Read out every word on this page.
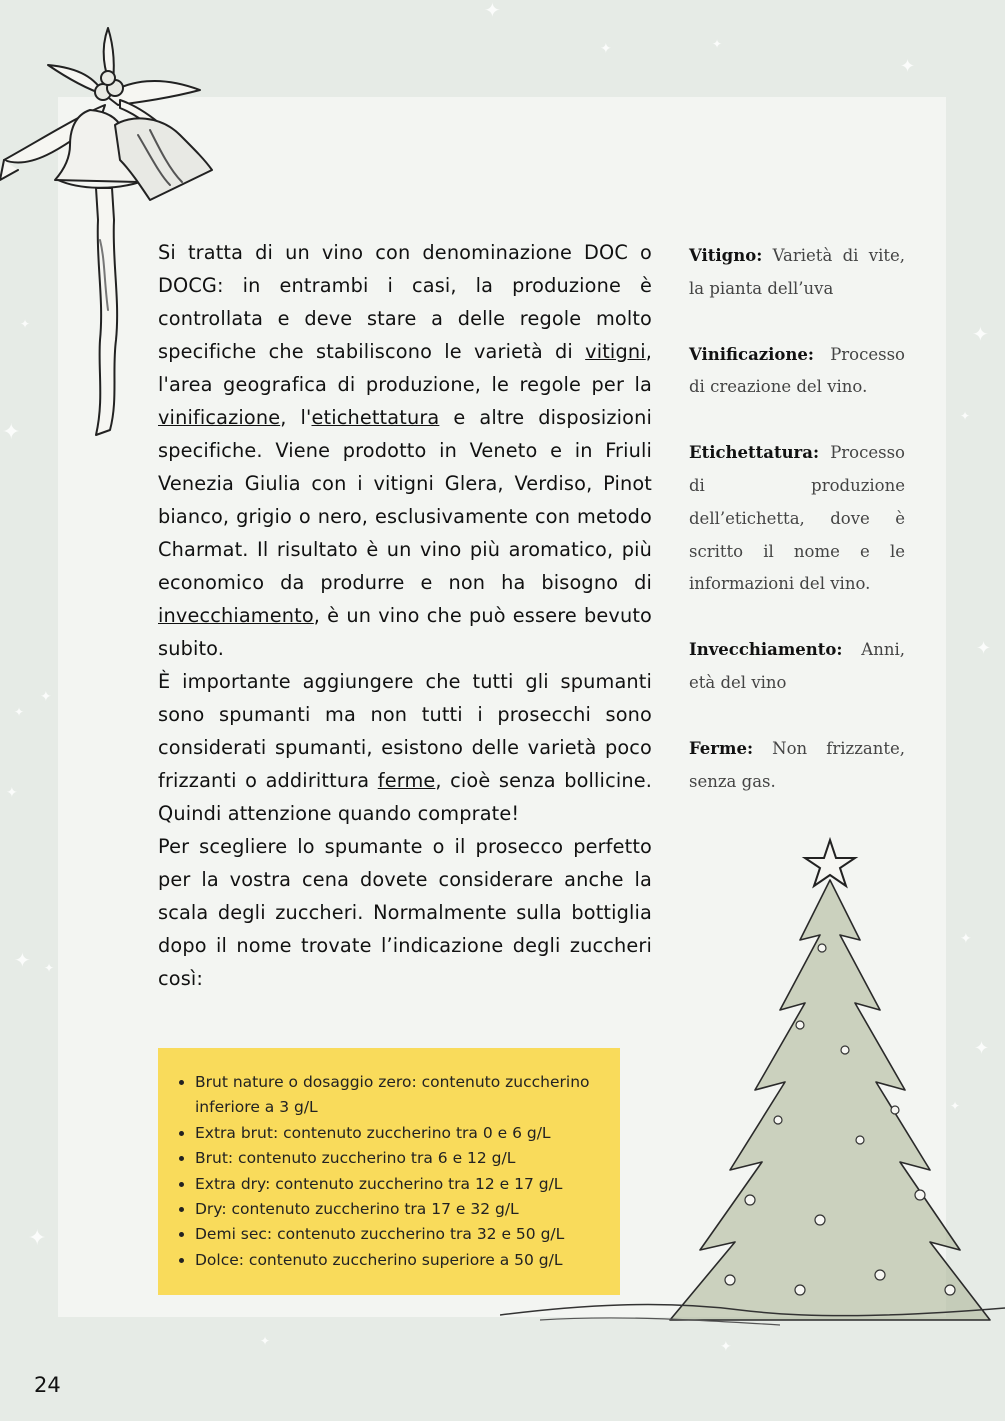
✦
✦	✦
✦
✦
✦
✦
✦
✦
✦ ✦
✦
✦
✦
✦
✦
✦
✦
✦
✦

Si tratta di un vino con denominazione DOC o DOCG: in entrambi i casi, la produzione è controllata e deve stare a delle regole molto specifiche che stabiliscono le varietà di vitigni, l'area geografica di produzione, le regole per la vinificazione, l'etichettatura e altre disposizioni specifiche. Viene prodotto in Veneto e in Friuli Venezia Giulia con i vitigni Glera, Verdiso, Pinot bianco, grigio o nero, esclusivamente con metodo Charmat. Il risultato è un vino più aromatico, più economico da produrre e non ha bisogno di invecchiamento, è un vino che può essere bevuto subito.

È importante aggiungere che tutti gli spumanti sono spumanti ma non tutti i prosecchi sono considerati spumanti, esistono delle varietà poco frizzanti o addirittura ferme, cioè senza bollicine. Quindi attenzione quando comprate!

Per scegliere lo spumante o il prosecco perfetto per la vostra cena dovete considerare anche la scala degli zuccheri. Normalmente sulla bottiglia dopo il nome trovate l’indicazione degli zuccheri così:

Vitigno: Varietà di vite, la pianta dell’uva

Vinificazione: Processo di creazione del vino.

Etichettatura: Processo di produzione dell’etichetta, dove è scritto il nome e le informazioni del vino.

Invecchiamento: Anni, età del vino

Ferme: Non frizzante, senza gas.

• Brut nature o dosaggio zero: contenuto zuccherino inferiore a 3 g/L
• Extra brut: contenuto zuccherino tra 0 e 6 g/L
• Brut: contenuto zuccherino tra 6 e 12 g/L
• Extra dry: contenuto zuccherino tra 12 e 17 g/L
• Dry: contenuto zuccherino tra 17 e 32 g/L
• Demi sec: contenuto zuccherino tra 32 e 50 g/L
• Dolce: contenuto zuccherino superiore a 50 g/L
24
